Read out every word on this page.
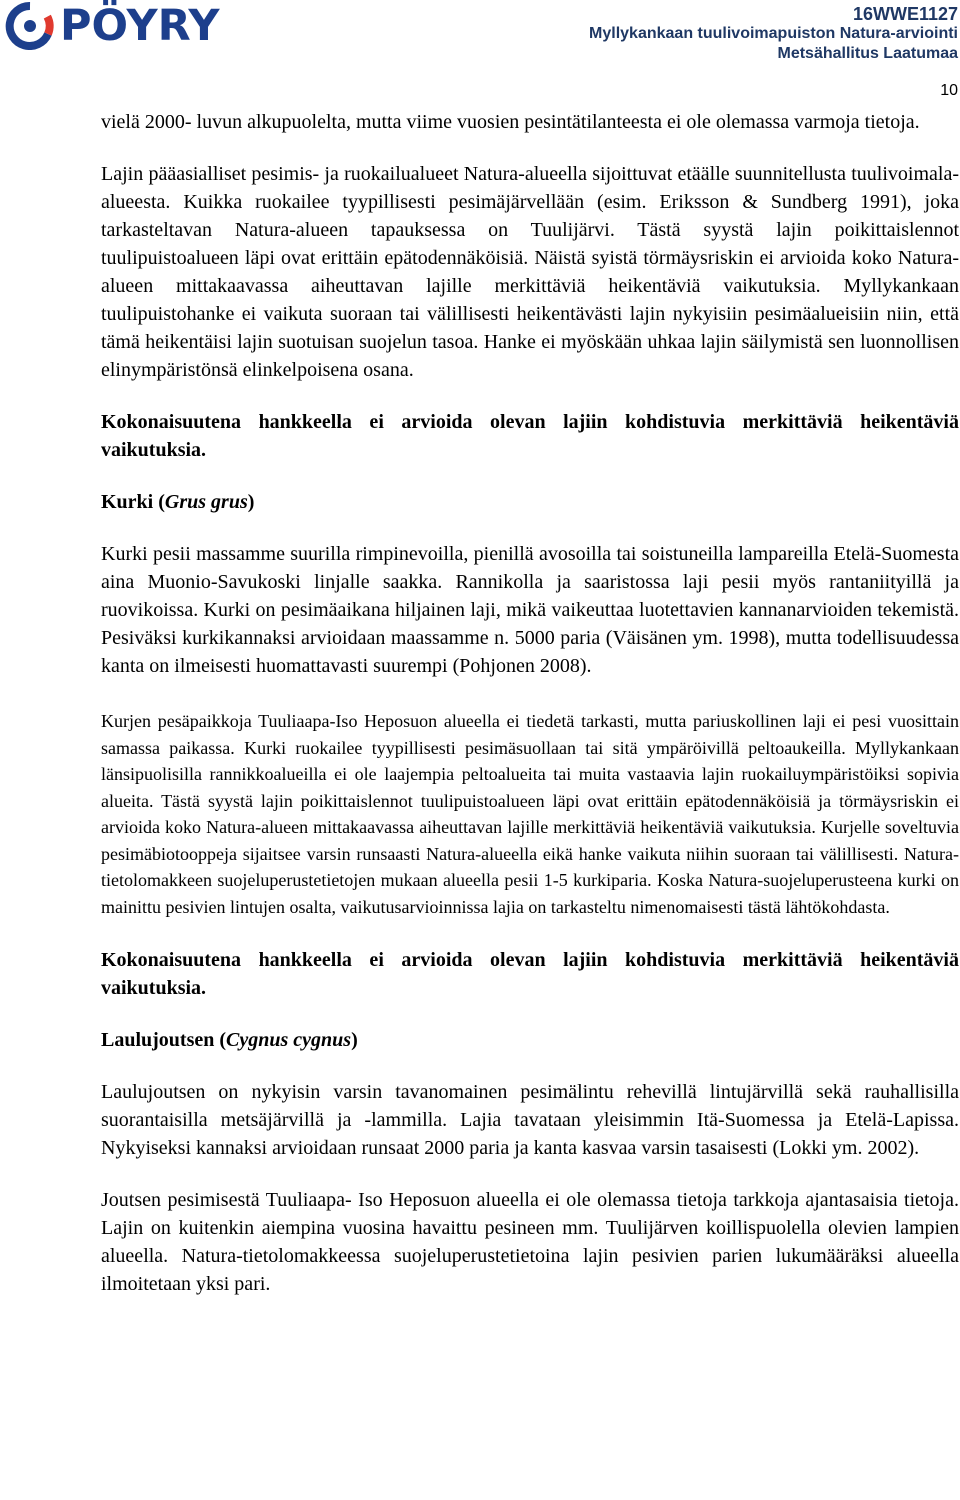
PÖYRY	16WWE1127
Myllykankaan tuulivoimapuiston Natura-arviointi
Metsähallitus Laatumaa
10

vielä 2000- luvun alkupuolelta, mutta viime vuosien pesintätilanteesta ei ole olemassa varmoja tietoja.

Lajin pääasialliset pesimis- ja ruokailualueet Natura-alueella sijoittuvat etäälle suunnitellusta tuulivoimala-alueesta. Kuikka ruokailee tyypillisesti pesimäjärvellään (esim. Eriksson & Sundberg 1991), joka tarkasteltavan Natura-alueen tapauksessa on Tuulijärvi. Tästä syystä lajin poikittaislennot tuulipuistoalueen läpi ovat erittäin epätodennäköisiä. Näistä syistä törmäysriskin ei arvioida koko Natura-alueen mittakaavassa aiheuttavan lajille merkittäviä heikentäviä vaikutuksia. Myllykankaan tuulipuistohanke ei vaikuta suoraan tai välillisesti heikentävästi lajin nykyisiin pesimäalueisiin niin, että tämä heikentäisi lajin suotuisan suojelun tasoa. Hanke ei myöskään uhkaa lajin säilymistä sen luonnollisen elinympäristönsä elinkelpoisena osana.

Kokonaisuutena hankkeella ei arvioida olevan lajiin kohdistuvia merkittäviä heikentäviä vaikutuksia.

Kurki (Grus grus)

Kurki pesii massamme suurilla rimpinevoilla, pienillä avosoilla tai soistuneilla lampareilla Etelä-Suomesta aina Muonio-Savukoski linjalle saakka. Rannikolla ja saaristossa laji pesii myös rantaniityillä ja ruovikoissa. Kurki on pesimäaikana hiljainen laji, mikä vaikeuttaa luotettavien kannanarvioiden tekemistä. Pesiväksi kurkikannaksi arvioidaan maassamme n. 5000 paria (Väisänen ym. 1998), mutta todellisuudessa kanta on ilmeisesti huomattavasti suurempi (Pohjonen 2008).

Kurjen pesäpaikkoja Tuuliaapa-Iso Heposuon alueella ei tiedetä tarkasti, mutta pariuskollinen laji ei pesi vuosittain samassa paikassa. Kurki ruokailee tyypillisesti pesimäsuollaan tai sitä ympäröivillä peltoaukeilla. Myllykankaan länsipuolisilla rannikkoalueilla ei ole laajempia peltoalueita tai muita vastaavia lajin ruokailuympäristöiksi sopivia alueita. Tästä syystä lajin poikittaislennot tuulipuistoalueen läpi ovat erittäin epätodennäköisiä ja törmäysriskin ei arvioida koko Natura-alueen mittakaavassa aiheuttavan lajille merkittäviä heikentäviä vaikutuksia. Kurjelle soveltuvia pesimäbiotooppeja sijaitsee varsin runsaasti Natura-alueella eikä hanke vaikuta niihin suoraan tai välillisesti. Natura-tietolomakkeen suojeluperustetietojen mukaan alueella pesii 1-5 kurkiparia. Koska Natura-suojeluperusteena kurki on mainittu pesivien lintujen osalta, vaikutusarvioinnissa lajia on tarkasteltu nimenomaisesti tästä lähtökohdasta.

Kokonaisuutena hankkeella ei arvioida olevan lajiin kohdistuvia merkittäviä heikentäviä vaikutuksia.

Laulujoutsen (Cygnus cygnus)

Laulujoutsen on nykyisin varsin tavanomainen pesimälintu rehevillä lintujärvillä sekä rauhallisilla suorantaisilla metsäjärvillä ja -lammilla. Lajia tavataan yleisimmin Itä-Suomessa ja Etelä-Lapissa. Nykyiseksi kannaksi arvioidaan runsaat 2000 paria ja kanta kasvaa varsin tasaisesti (Lokki ym. 2002).

Joutsen pesimisestä Tuuliaapa- Iso Heposuon alueella ei ole olemassa tietoja tarkkoja ajantasaisia tietoja. Lajin on kuitenkin aiempina vuosina havaittu pesineen mm. Tuulijärven koillispuolella olevien lampien alueella. Natura-tietolomakkeessa suojeluperustetietoina lajin pesivien parien lukumääräksi alueella ilmoitetaan yksi pari.
